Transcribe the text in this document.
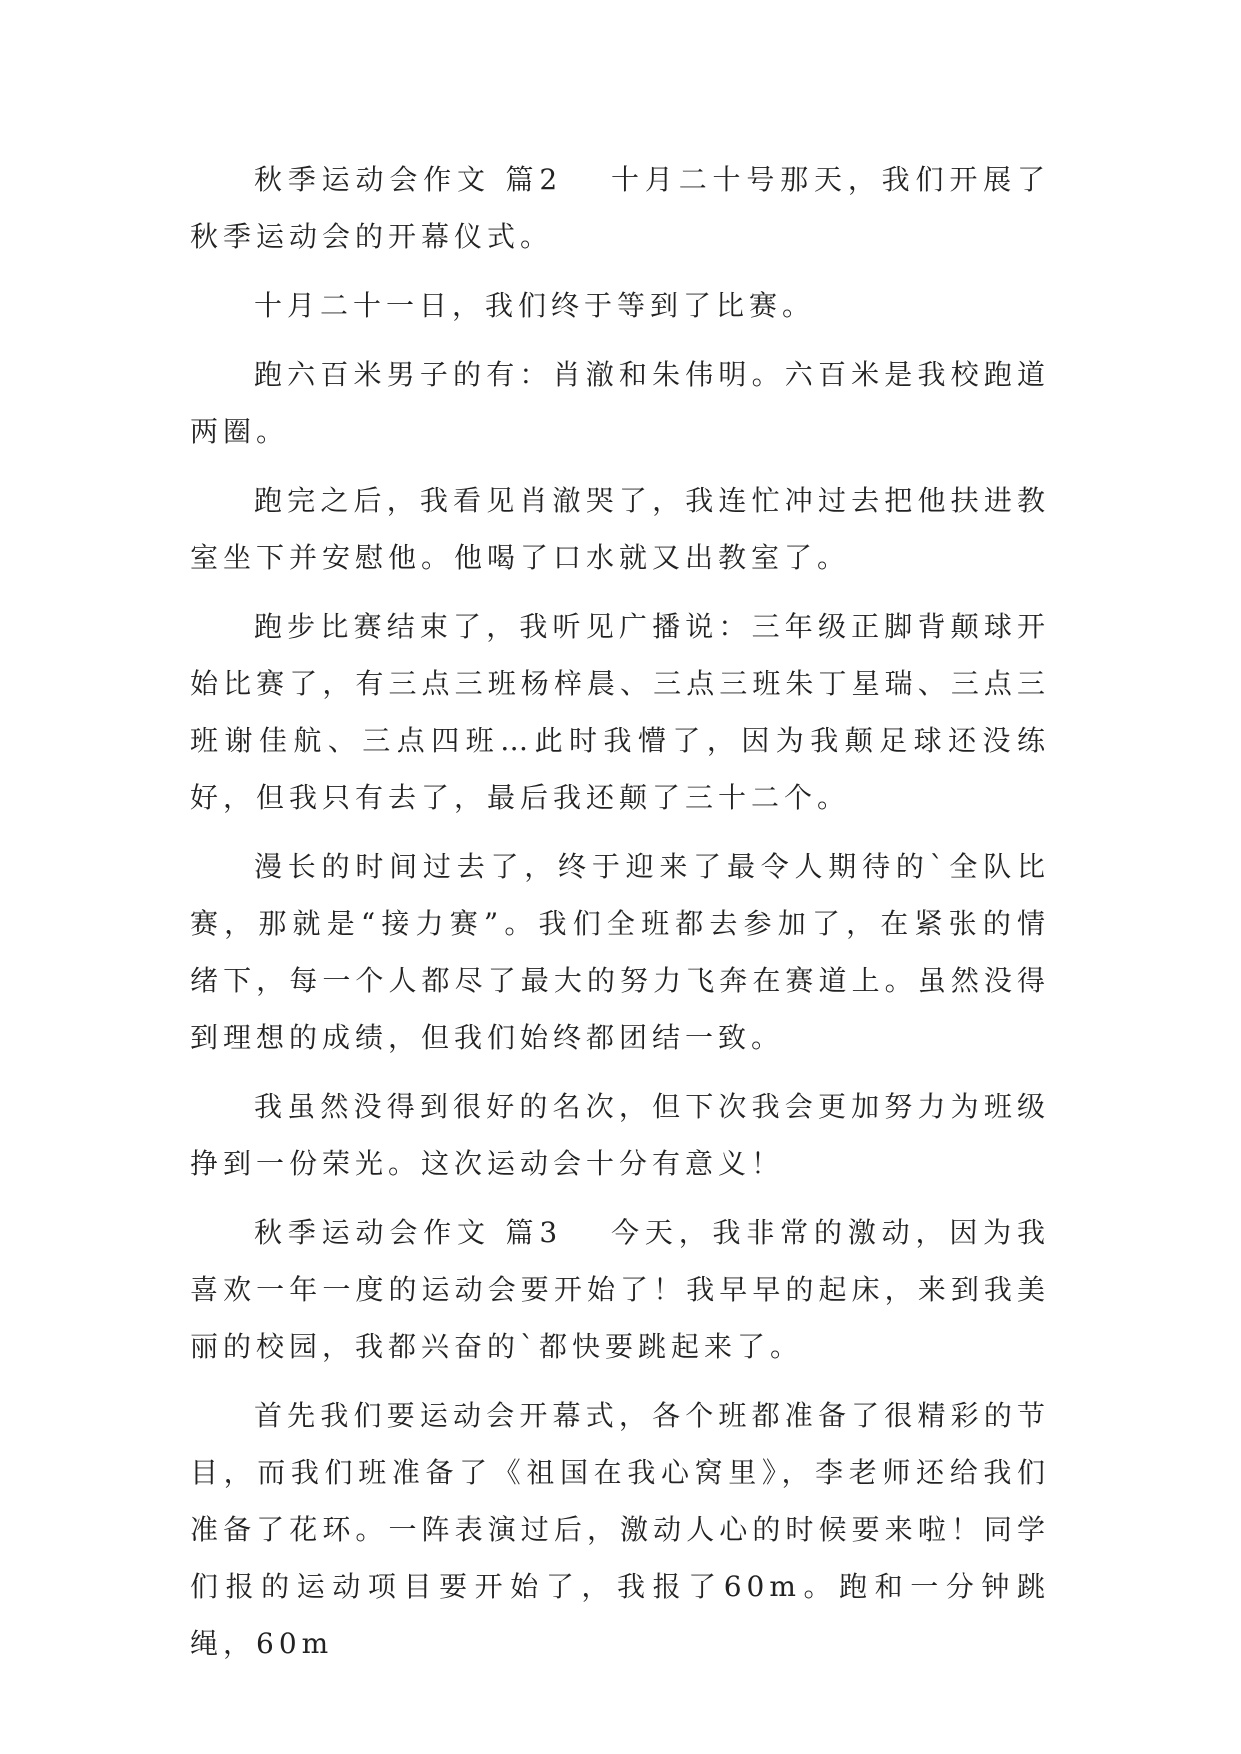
秋季运动会作文 篇2 十月二十号那天，我们开展了秋季运动会的开幕仪式。

十月二十一日，我们终于等到了比赛。

跑六百米男子的有：肖澈和朱伟明。六百米是我校跑道两圈。

跑完之后，我看见肖澈哭了，我连忙冲过去把他扶进教室坐下并安慰他。他喝了口水就又出教室了。

跑步比赛结束了，我听见广播说：三年级正脚背颠球开始比赛了，有三点三班杨梓晨、三点三班朱丁星瑞、三点三班谢佳航、三点四班…此时我懵了，因为我颠足球还没练好，但我只有去了，最后我还颠了三十二个。

漫长的时间过去了，终于迎来了最令人期待的`全队比赛，那就是“接力赛”。我们全班都去参加了，在紧张的情绪下，每一个人都尽了最大的努力飞奔在赛道上。虽然没得到理想的成绩，但我们始终都团结一致。

我虽然没得到很好的名次，但下次我会更加努力为班级挣到一份荣光。这次运动会十分有意义！

秋季运动会作文 篇3 今天，我非常的激动，因为我喜欢一年一度的运动会要开始了！我早早的起床，来到我美丽的校园，我都兴奋的`都快要跳起来了。

首先我们要运动会开幕式，各个班都准备了很精彩的节目，而我们班准备了《祖国在我心窝里》，李老师还给我们准备了花环。一阵表演过后，激动人心的时候要来啦！同学们报的运动项目要开始了，我报了60m。跑和一分钟跳绳，60m
